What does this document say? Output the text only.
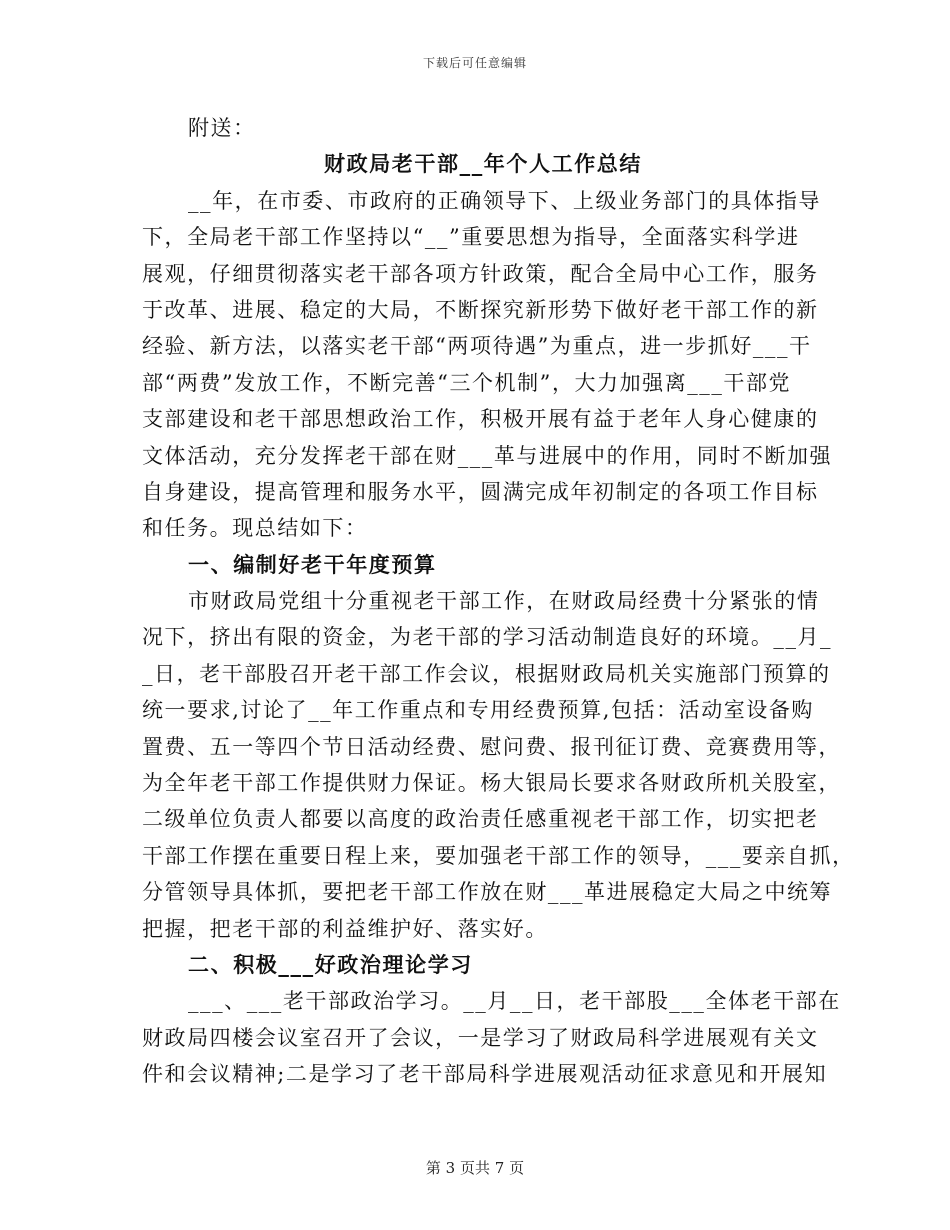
下载后可任意编辑
附送：
财政局老干部__年个人工作总结
__年，在市委、市政府的正确领导下、上级业务部门的具体指导
下，全局老干部工作坚持以“__”重要思想为指导，全面落实科学进
展观，仔细贯彻落实老干部各项方针政策，配合全局中心工作，服务
于改革、进展、稳定的大局，不断探究新形势下做好老干部工作的新
经验、新方法，以落实老干部“两项待遇”为重点，进一步抓好___干
部“两费”发放工作，不断完善“三个机制”，大力加强离___干部党
支部建设和老干部思想政治工作，积极开展有益于老年人身心健康的
文体活动，充分发挥老干部在财___革与进展中的作用，同时不断加强
自身建设，提高管理和服务水平，圆满完成年初制定的各项工作目标
和任务。现总结如下：
一、编制好老干年度预算
市财政局党组十分重视老干部工作，在财政局经费十分紧张的情
况下，挤出有限的资金，为老干部的学习活动制造良好的环境。__月_
_日，老干部股召开老干部工作会议，根据财政局机关实施部门预算的
统一要求,讨论了__年工作重点和专用经费预算,包括：活动室设备购
置费、五一等四个节日活动经费、慰问费、报刊征订费、竞赛费用等，
为全年老干部工作提供财力保证。杨大银局长要求各财政所机关股室，
二级单位负责人都要以高度的政治责任感重视老干部工作，切实把老
干部工作摆在重要日程上来，要加强老干部工作的领导，___要亲自抓，
分管领导具体抓，要把老干部工作放在财___革进展稳定大局之中统筹
把握，把老干部的利益维护好、落实好。
二、积极___好政治理论学习
___、___老干部政治学习。__月__日，老干部股___全体老干部在
财政局四楼会议室召开了会议，一是学习了财政局科学进展观有关文
件和会议精神;二是学习了老干部局科学进展观活动征求意见和开展知
第 3 页共 7 页
